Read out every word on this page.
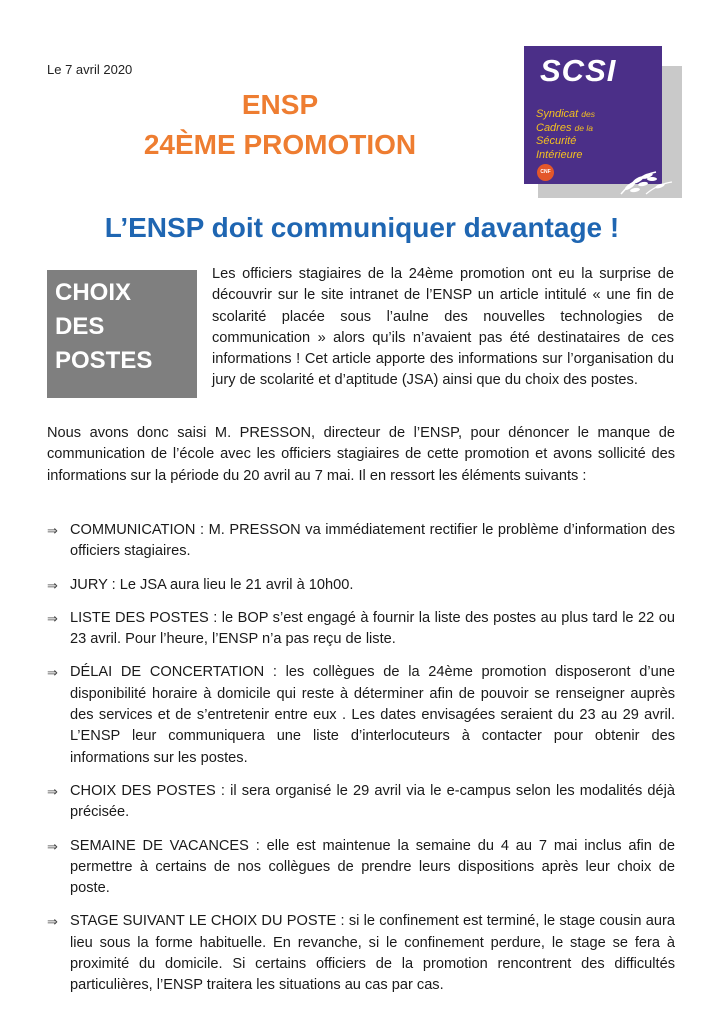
Le 7 avril 2020
ENSP
24ÈME PROMOTION
SCSI
Syndicat des
Cadres de la
Sécurité
Intérieure
CNF
L’ENSP doit communiquer davantage !
CHOIX
DES
POSTES
Les officiers stagiaires de la 24ème promotion ont eu la surprise de découvrir sur le site intranet de l’ENSP un article intitulé « une fin de scolarité placée sous l’aulne des nouvelles technologies de communication » alors qu’ils n’avaient pas été destinataires de ces informations ! Cet article apporte des informations sur l’organisation du jury de scolarité et d’aptitude (JSA) ainsi que du choix des postes.
Nous avons donc saisi M. PRESSON, directeur de l’ENSP, pour dénoncer le manque de communication de l’école avec les officiers stagiaires de cette promotion et avons sollicité des informations sur la période du 20 avril au 7 mai. Il en ressort les éléments suivants :
⇒ COMMUNICATION : M. PRESSON va immédiatement rectifier le problème d’information des officiers stagiaires.
⇒ JURY : Le JSA aura lieu le 21 avril à 10h00.
⇒ LISTE DES POSTES : le BOP s’est engagé à fournir la liste des postes au plus tard le 22 ou 23 avril. Pour l’heure, l’ENSP n’a pas reçu de liste.
⇒ DÉLAI DE CONCERTATION : les collègues de la 24ème promotion disposeront d’une disponibilité horaire à domicile qui reste à déterminer afin de pouvoir se renseigner auprès des services et de s’entretenir entre eux . Les dates envisagées seraient du 23 au 29 avril. L’ENSP leur communiquera une liste d’interlocuteurs à contacter pour obtenir des informations sur les postes.
⇒ CHOIX DES POSTES : il sera organisé le 29 avril via le e-campus selon les modalités déjà précisée.
⇒ SEMAINE DE VACANCES : elle est maintenue la semaine du 4 au 7 mai inclus afin de permettre à certains de nos collègues de prendre leurs dispositions après leur choix de poste.
⇒ STAGE SUIVANT LE CHOIX DU POSTE : si le confinement est terminé, le stage cousin aura lieu sous la forme habituelle. En revanche, si le confinement perdure, le stage se fera à proximité du domicile. Si certains officiers de la promotion rencontrent des difficultés particulières, l’ENSP traitera les situations au cas par cas.
